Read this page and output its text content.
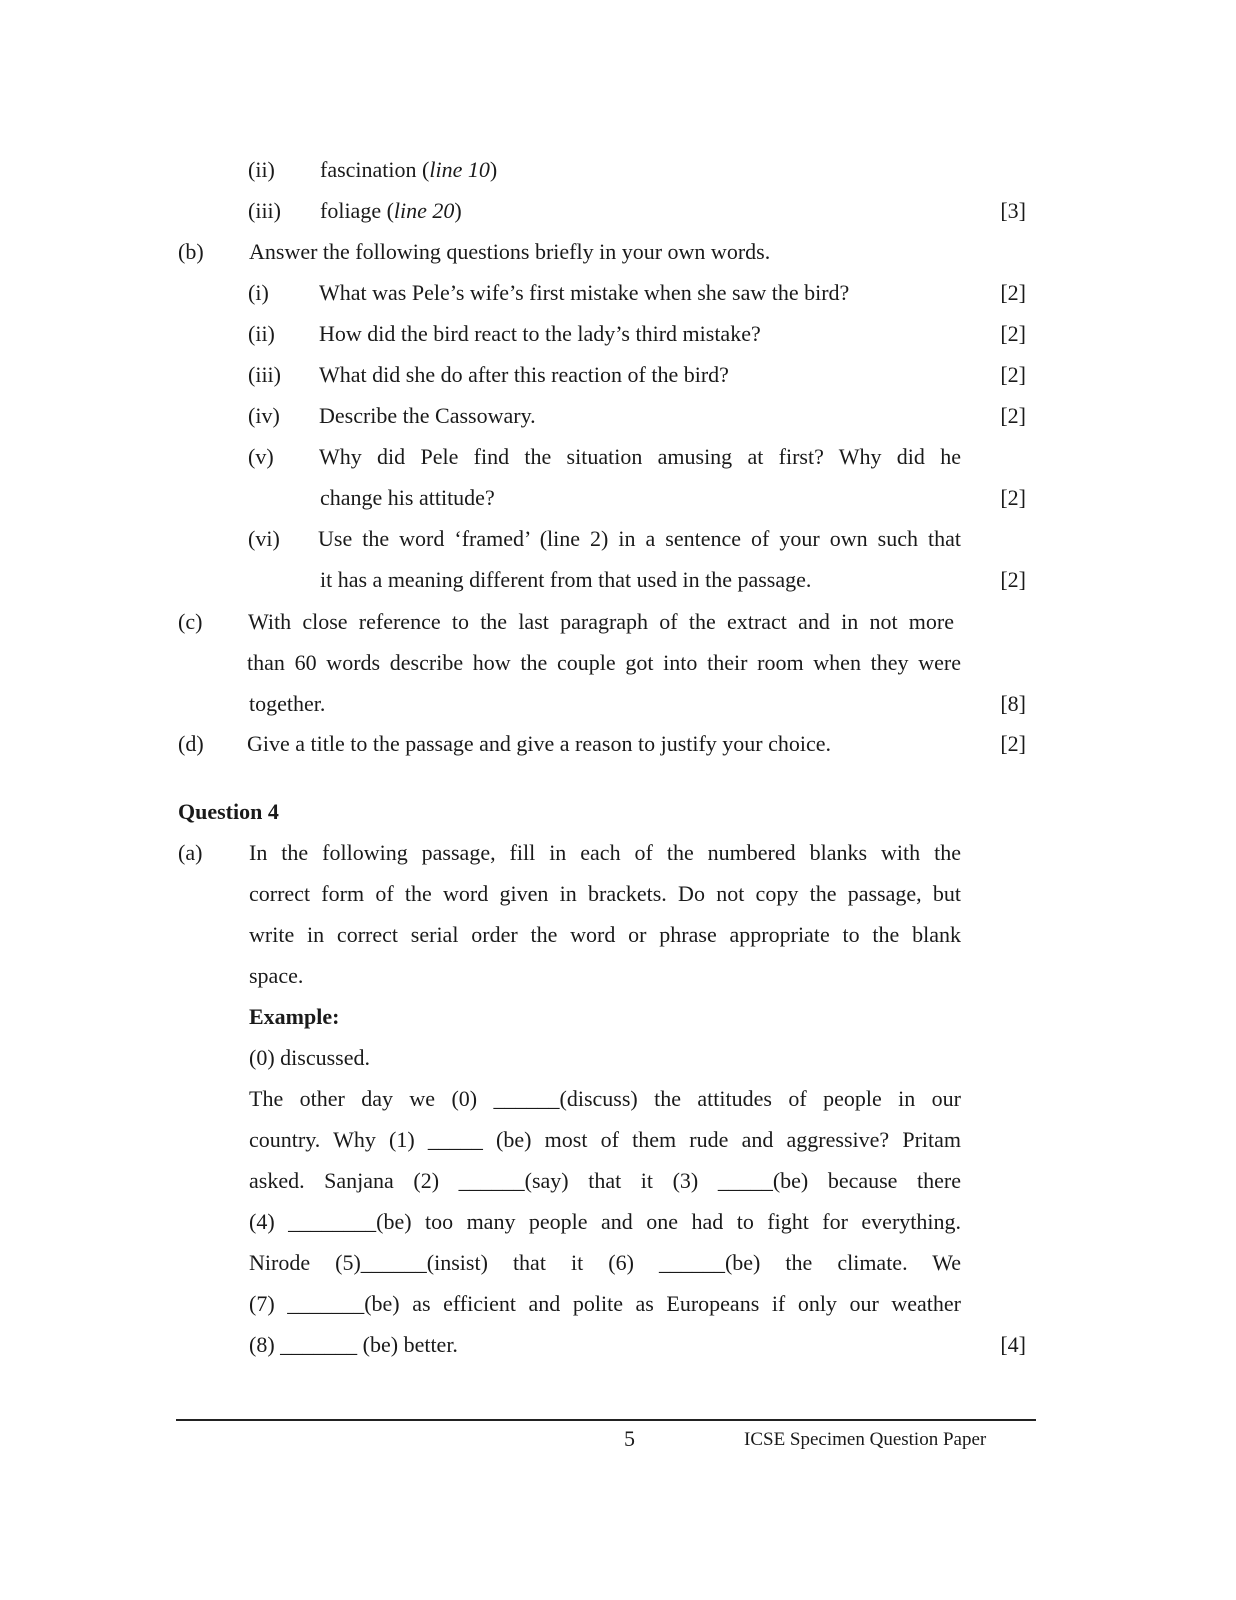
(ii) fascination (line 10)
(iii) foliage (line 20)	[3]
(b) Answer the following questions briefly in your own words.
(i) What was Pele’s wife’s first mistake when she saw the bird?	[2]
(ii) How did the bird react to the lady’s third mistake?	[2]
(iii) What did she do after this reaction of the bird?	[2]
(iv) Describe the Cassowary.	[2]
(v) Why did Pele find the situation amusing at first? Why did he
change his attitude?	[2]
(vi) Use the word ‘framed’ (line 2) in a sentence of your own such that
it has a meaning different from that used in the passage.	[2]
(c) With close reference to the last paragraph of the extract and in not more
than 60 words describe how the couple got into their room when they were
together.	[8]
(d) Give a title to the passage and give a reason to justify your choice.	[2]
Question 4
(a) In the following passage, fill in each of the numbered blanks with the
correct form of the word given in brackets. Do not copy the passage, but
write in correct serial order the word or phrase appropriate to the blank
space.
Example:
(0) discussed.
The other day we (0) ______(discuss) the attitudes of people in our
country. Why (1) _____ (be) most of them rude and aggressive? Pritam
asked. Sanjana (2) ______(say) that it (3) _____(be) because there
(4) ________(be) too many people and one had to fight for everything.
Nirode (5)______(insist) that it (6) ______(be) the climate. We
(7) _______(be) as efficient and polite as Europeans if only our weather
(8) _______ (be) better.	[4]
5	ICSE Specimen Question Paper
